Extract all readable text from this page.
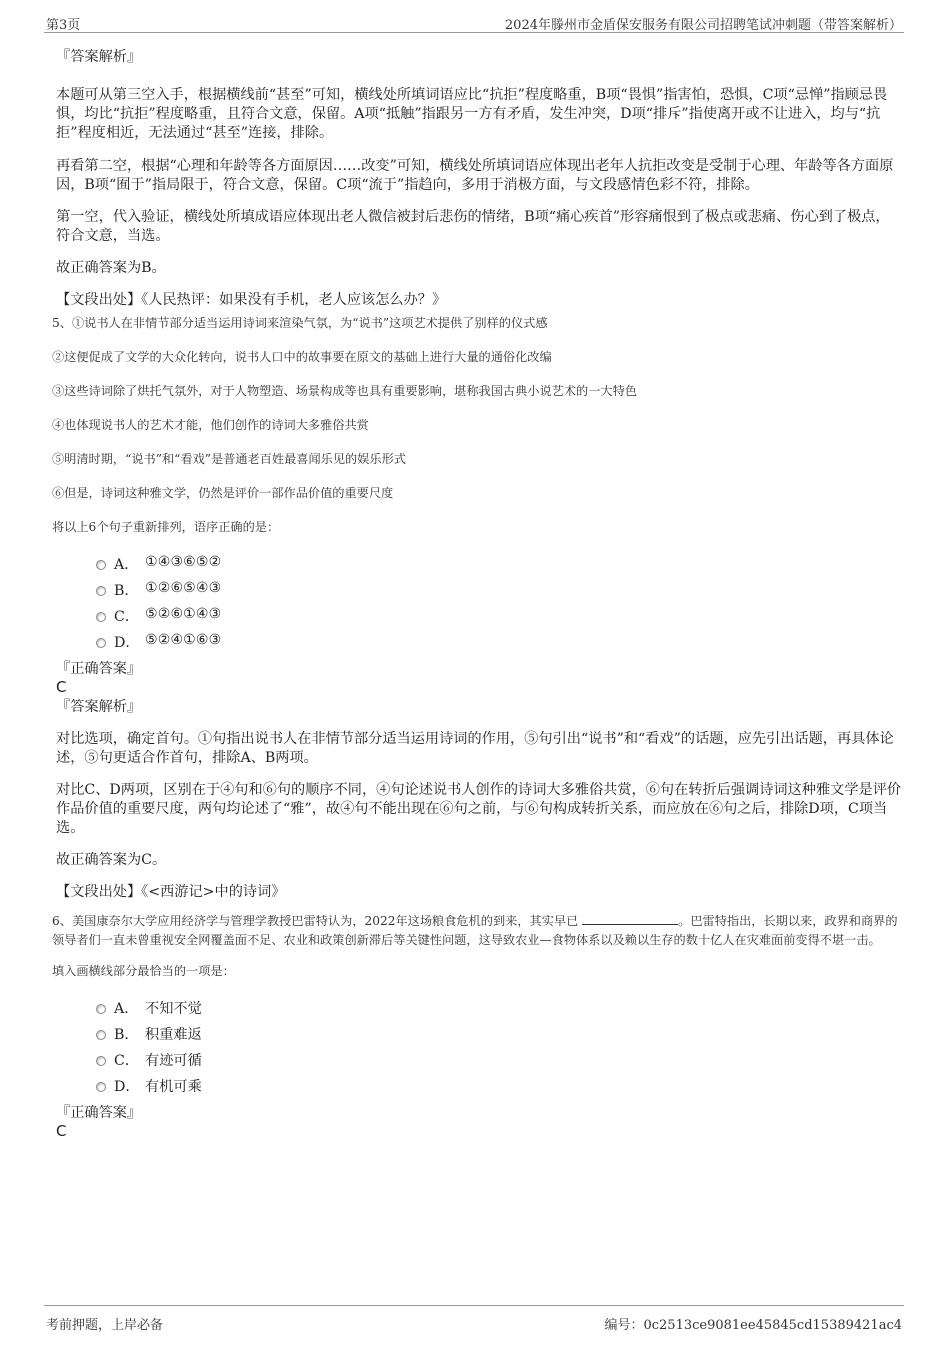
第3页	2024年滕州市金盾保安服务有限公司招聘笔试冲刺题（带答案解析）

『答案解析』

本题可从第三空入手，根据横线前“甚至”可知，横线处所填词语应比“抗拒”程度略重，B项“畏惧”指害怕，恐惧，C项“忌惮”指顾忌畏惧，均比“抗拒”程度略重，且符合文意，保留。A项“抵触”指跟另一方有矛盾，发生冲突，D项“排斥”指使离开或不让进入，均与“抗拒”程度相近，无法通过“甚至”连接，排除。

再看第二空，根据“心理和年龄等各方面原因……改变”可知，横线处所填词语应体现出老年人抗拒改变是受制于心理、年龄等各方面原因，B项“囿于”指局限于，符合文意，保留。C项“流于”指趋向，多用于消极方面，与文段感情色彩不符，排除。

第一空，代入验证，横线处所填成语应体现出老人微信被封后悲伤的情绪，B项“痛心疾首”形容痛恨到了极点或悲痛、伤心到了极点，符合文意，当选。

故正确答案为B。

【文段出处】《人民热评：如果没有手机，老人应该怎么办？》

5、①说书人在非情节部分适当运用诗词来渲染气氛，为“说书”这项艺术提供了别样的仪式感

②这便促成了文学的大众化转向，说书人口中的故事要在原文的基础上进行大量的通俗化改编

③这些诗词除了烘托气氛外，对于人物塑造、场景构成等也具有重要影响，堪称我国古典小说艺术的一大特色

④也体现说书人的艺术才能，他们创作的诗词大多雅俗共赏

⑤明清时期，“说书”和“看戏”是普通老百姓最喜闻乐见的娱乐形式

⑥但是，诗词这种雅文学，仍然是评价一部作品价值的重要尺度

将以上6个句子重新排列，语序正确的是：

A． ①④③⑥⑤②
B． ①②⑥⑤④③
C． ⑤②⑥①④③
D． ⑤②④①⑥③

『正确答案』

C

『答案解析』

对比选项，确定首句。①句指出说书人在非情节部分适当运用诗词的作用，⑤句引出“说书”和“看戏”的话题，应先引出话题，再具体论述，⑤句更适合作首句，排除A、B两项。

对比C、D两项，区别在于④句和⑥句的顺序不同，④句论述说书人创作的诗词大多雅俗共赏，⑥句在转折后强调诗词这种雅文学是评价作品价值的重要尺度，两句均论述了“雅”，故④句不能出现在⑥句之前，与⑥句构成转折关系，而应放在⑥句之后，排除D项，C项当选。

故正确答案为C。

【文段出处】《<西游记>中的诗词》

6、美国康奈尔大学应用经济学与管理学教授巴雷特认为，2022年这场粮食危机的到来，其实早已	。巴雷特指出，长期以来，政界和商界的领导者们一直未曾重视安全网覆盖面不足、农业和政策创新滞后等关键性问题，这导致农业—食物体系以及赖以生存的数十亿人在灾难面前变得不堪一击。

填入画横线部分最恰当的一项是：

A． 不知不觉
B． 积重难返
C． 有迹可循
D． 有机可乘

『正确答案』

C

考前押题，上岸必备	编号：0c2513ce9081ee45845cd15389421ac4
